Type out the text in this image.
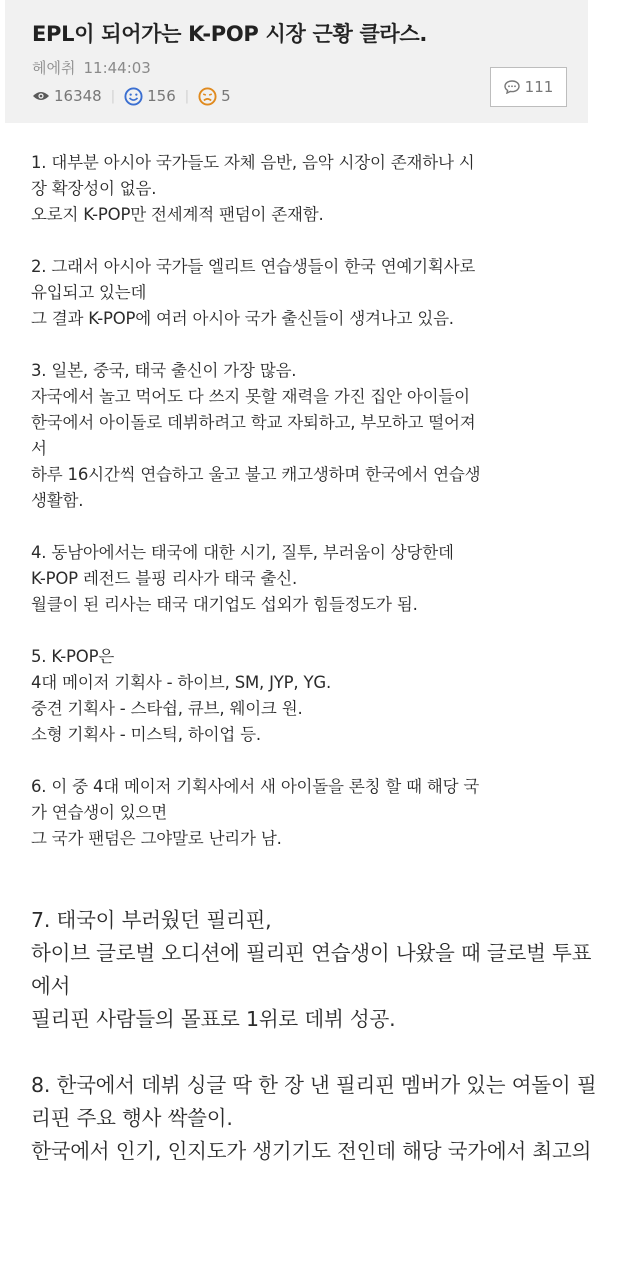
EPL이 되어가는 K-POP 시장 근황 클라스.
헤에취 11:44:03
16348 | 156 | 5	111
1. 대부분 아시아 국가들도 자체 음반, 음악 시장이 존재하나 시
장 확장성이 없음.
오로지 K-POP만 전세계적 팬덤이 존재함.
2. 그래서 아시아 국가들 엘리트 연습생들이 한국 연예기획사로
유입되고 있는데
그 결과 K-POP에 여러 아시아 국가 출신들이 생겨나고 있음.
3. 일본, 중국, 태국 출신이 가장 많음.
자국에서 놀고 먹어도 다 쓰지 못할 재력을 가진 집안 아이들이
한국에서 아이돌로 데뷔하려고 학교 자퇴하고, 부모하고 떨어져
서
하루 16시간씩 연습하고 울고 불고 캐고생하며 한국에서 연습생
생활함.
4. 동남아에서는 태국에 대한 시기, 질투, 부러움이 상당한데
K-POP 레전드 블핑 리사가 태국 출신.
월클이 된 리사는 태국 대기업도 섭외가 힘들정도가 됨.
5. K-POP은
4대 메이저 기획사 - 하이브, SM, JYP, YG.
중견 기획사 - 스타쉽, 큐브, 웨이크 원.
소형 기획사 - 미스틱, 하이업 등.
6. 이 중 4대 메이저 기획사에서 새 아이돌을 론칭 할 때 해당 국
가 연습생이 있으면
그 국가 팬덤은 그야말로 난리가 남.
7. 태국이 부러웠던 필리핀,
하이브 글로벌 오디션에 필리핀 연습생이 나왔을 때 글로벌 투표
에서
필리핀 사람들의 몰표로 1위로 데뷔 성공.
8. 한국에서 데뷔 싱글 딱 한 장 낸 필리핀 멤버가 있는 여돌이 필
리핀 주요 행사 싹쓸이.
한국에서 인기, 인지도가 생기기도 전인데 해당 국가에서 최고의
